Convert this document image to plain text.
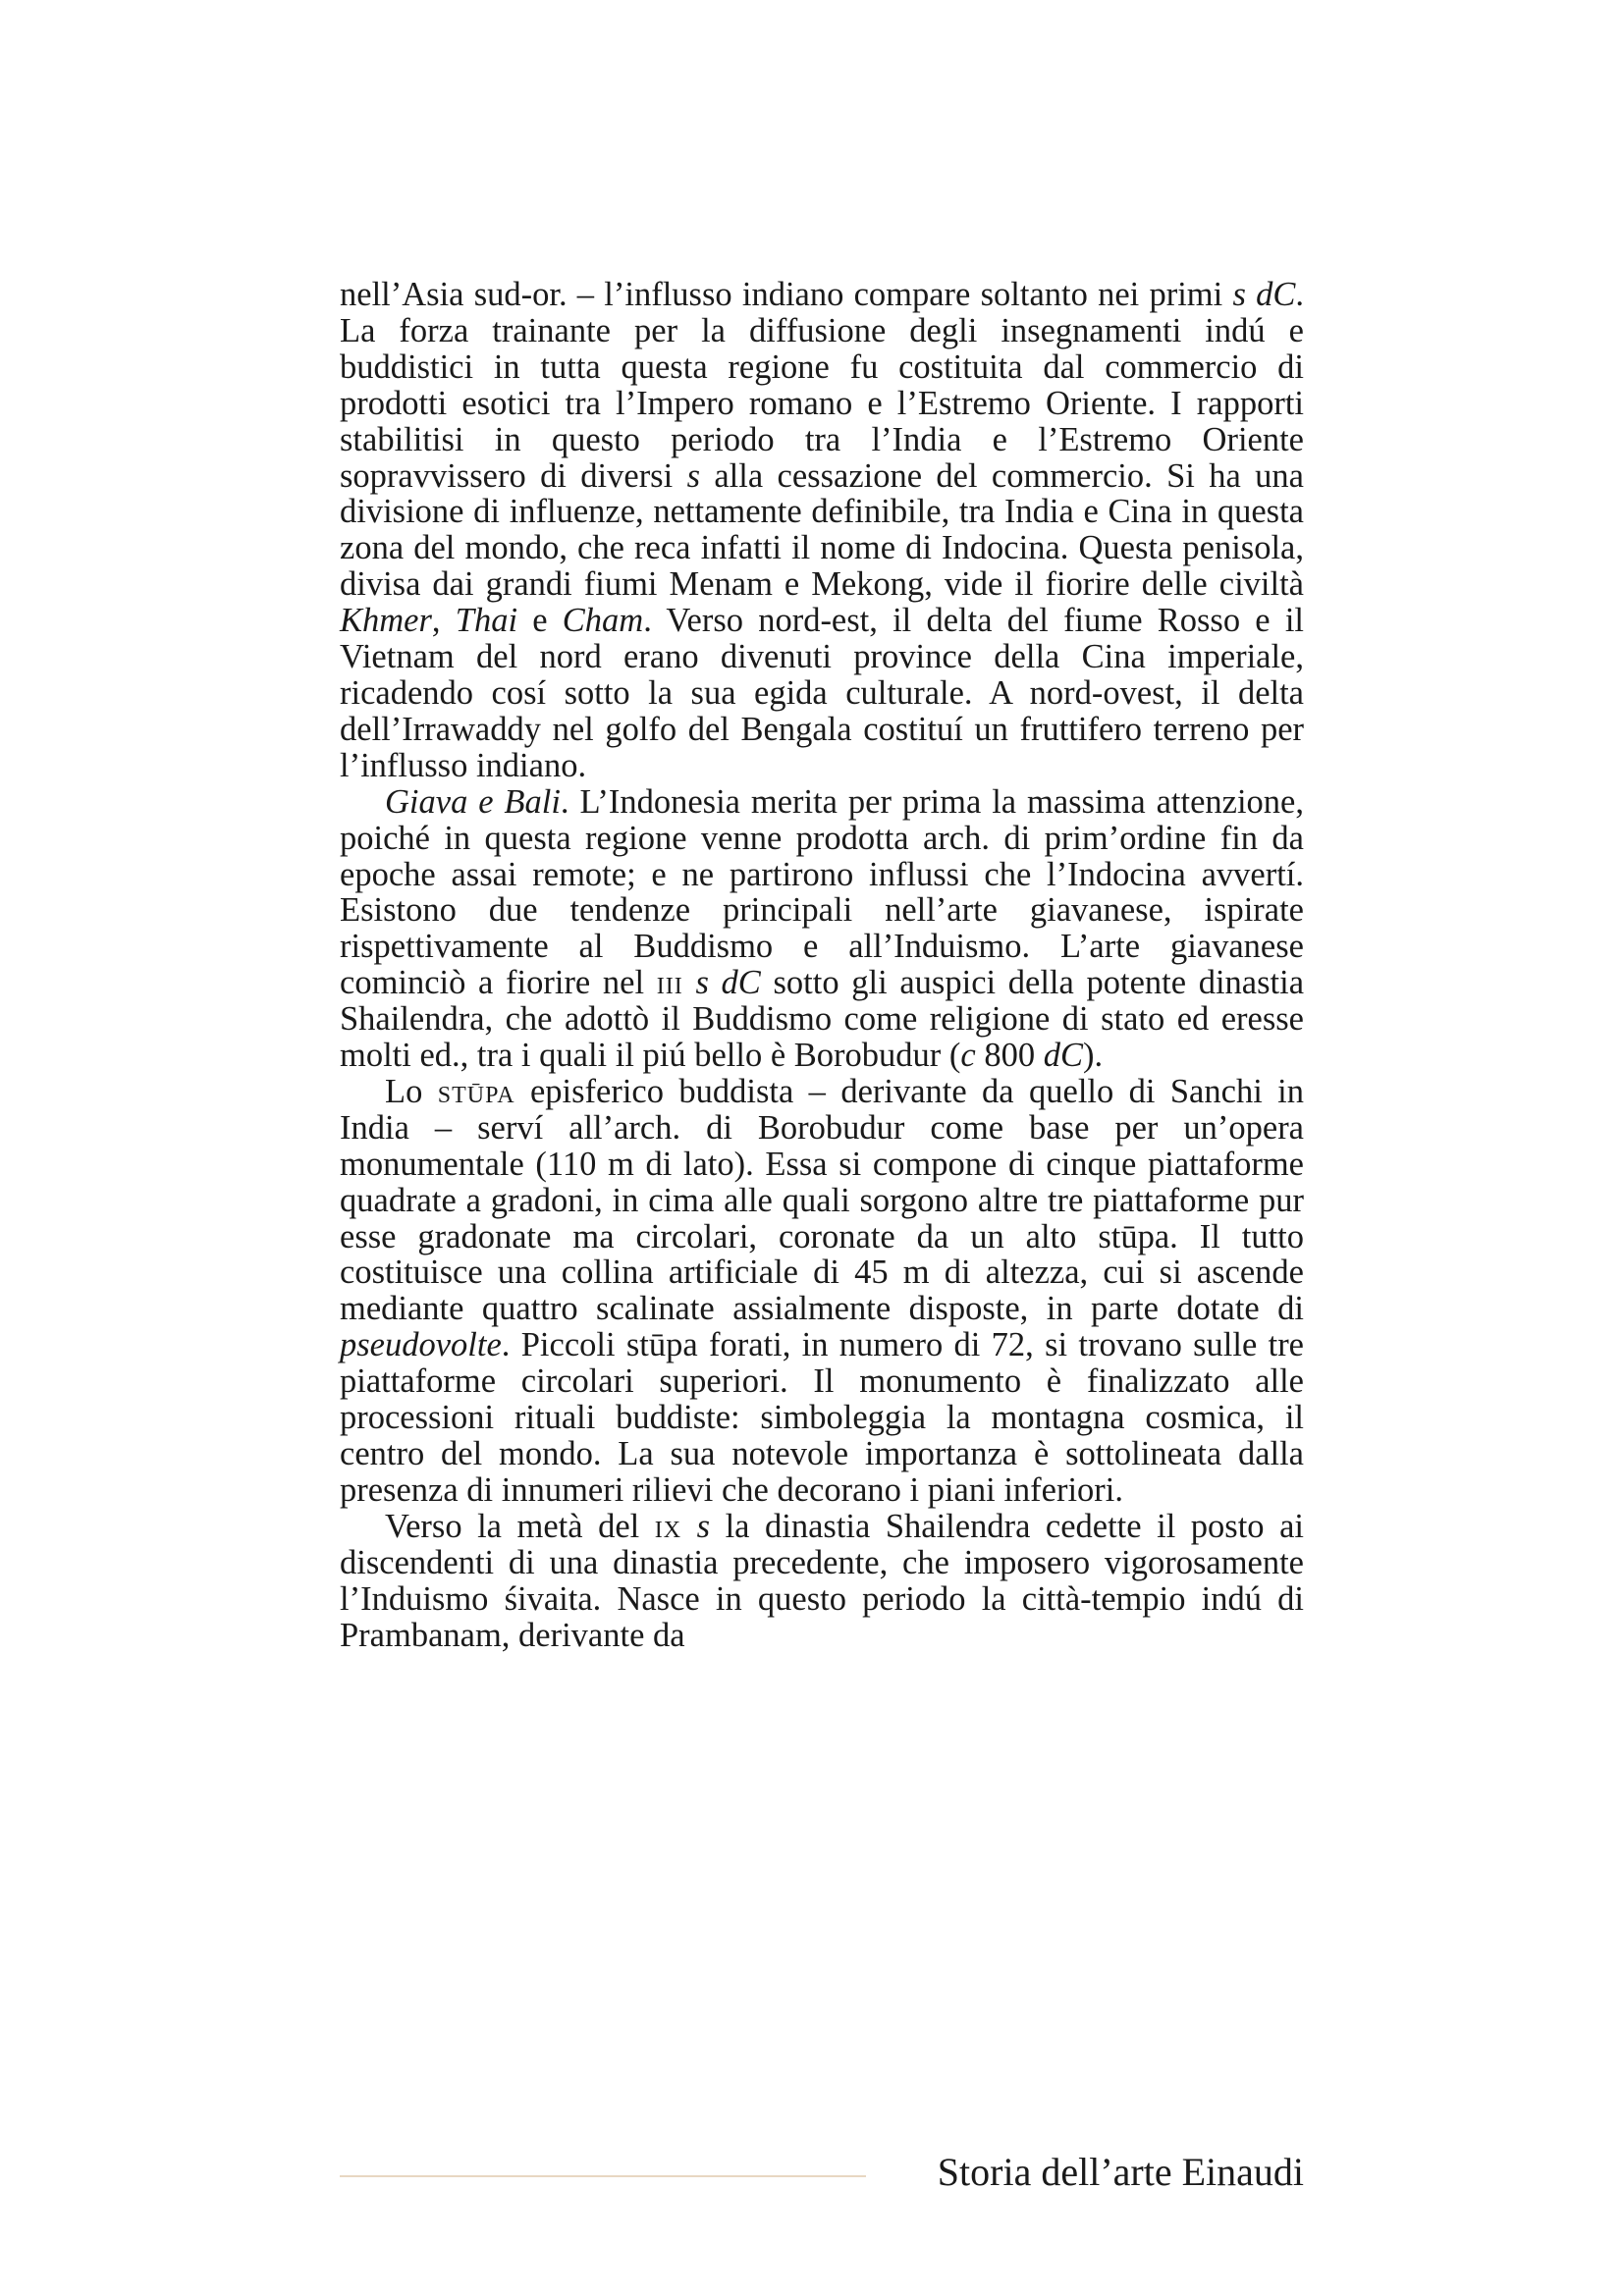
nell’Asia sud-or. – l’influsso indiano compare soltanto nei primi s dC. La forza trainante per la diffusione degli insegnamenti indú e buddistici in tutta questa regione fu costituita dal commercio di prodotti esotici tra l’Impero romano e l’Estremo Oriente. I rapporti stabilitisi in questo periodo tra l’India e l’Estremo Oriente sopravvissero di diversi s alla cessazione del commercio. Si ha una divisione di influenze, nettamente definibile, tra India e Cina in questa zona del mondo, che reca infatti il nome di Indocina. Questa penisola, divisa dai grandi fiumi Menam e Mekong, vide il fiorire delle civiltà Khmer, Thai e Cham. Verso nord-est, il delta del fiume Rosso e il Vietnam del nord erano divenuti province della Cina imperiale, ricadendo cosí sotto la sua egida culturale. A nord-ovest, il delta dell’Irrawaddy nel golfo del Bengala costituí un fruttifero terreno per l’influsso indiano.

Giava e Bali. L’Indonesia merita per prima la massima attenzione, poiché in questa regione venne prodotta arch. di prim’ordine fin da epoche assai remote; e ne partirono influssi che l’Indocina avvertí. Esistono due tendenze principali nell’arte giavanese, ispirate rispettivamente al Buddismo e all’Induismo. L’arte giavanese cominciò a fiorire nel iii s dC sotto gli auspici della potente dinastia Shailendra, che adottò il Buddismo come religione di stato ed eresse molti ed., tra i quali il piú bello è Borobudur (c 800 dC).

Lo stūpa episferico buddista – derivante da quello di Sanchi in India – serví all’arch. di Borobudur come base per un’opera monumentale (110 m di lato). Essa si compone di cinque piattaforme quadrate a gradoni, in cima alle quali sorgono altre tre piattaforme pur esse gradonate ma circolari, coronate da un alto stūpa. Il tutto costituisce una collina artificiale di 45 m di altezza, cui si ascende mediante quattro scalinate assialmente disposte, in parte dotate di pseudovolte. Piccoli stūpa forati, in numero di 72, si trovano sulle tre piattaforme circolari superiori. Il monumento è finalizzato alle processioni rituali buddiste: simboleggia la montagna cosmica, il centro del mondo. La sua notevole importanza è sottolineata dalla presenza di innumeri rilievi che decorano i piani inferiori.

Verso la metà del ix s la dinastia Shailendra cedette il posto ai discendenti di una dinastia precedente, che imposero vigorosamente l’Induismo śivaita. Nasce in questo periodo la città-tempio indú di Prambanam, derivante da

Storia dell’arte Einaudi
